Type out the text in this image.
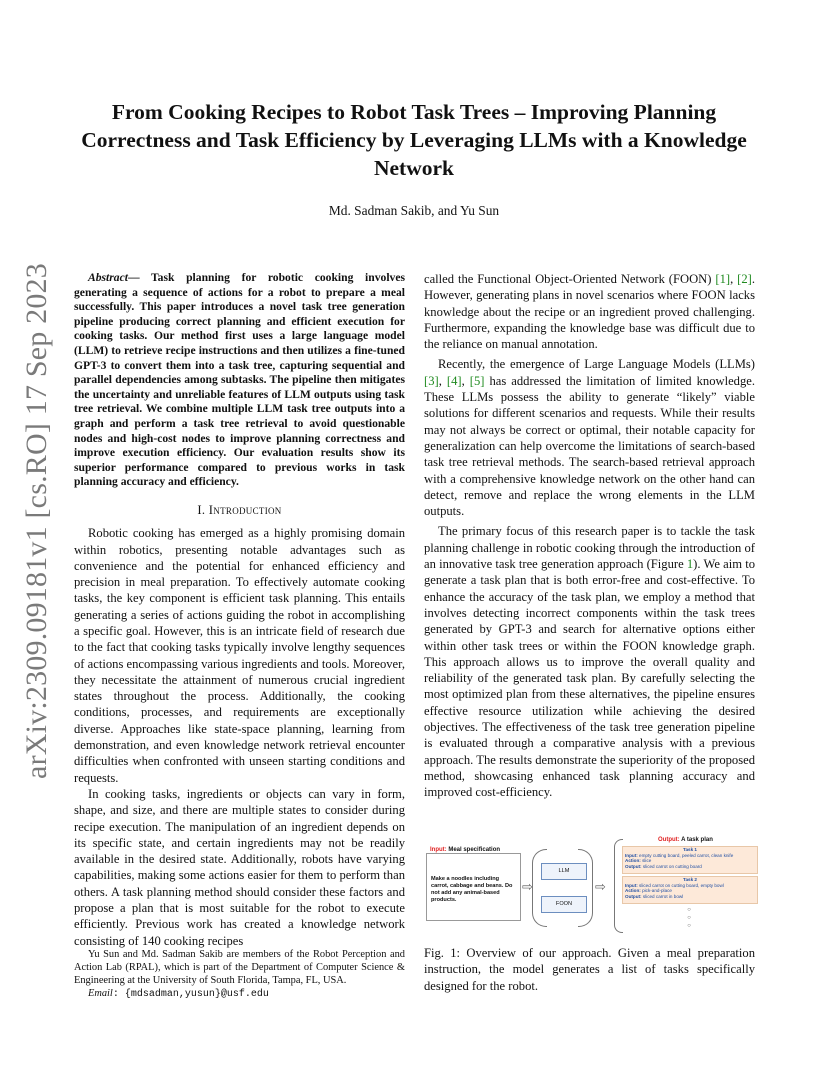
arXiv:2309.09181v1 [cs.RO] 17 Sep 2023
From Cooking Recipes to Robot Task Trees – Improving Planning Correctness and Task Efficiency by Leveraging LLMs with a Knowledge Network

Md. Sadman Sakib, and Yu Sun

Abstract— Task planning for robotic cooking involves generating a sequence of actions for a robot to prepare a meal successfully. This paper introduces a novel task tree generation pipeline producing correct planning and efficient execution for cooking tasks. Our method first uses a large language model (LLM) to retrieve recipe instructions and then utilizes a fine-tuned GPT-3 to convert them into a task tree, capturing sequential and parallel dependencies among subtasks. The pipeline then mitigates the uncertainty and unreliable features of LLM outputs using task tree retrieval. We combine multiple LLM task tree outputs into a graph and perform a task tree retrieval to avoid questionable nodes and high-cost nodes to improve planning correctness and improve execution efficiency. Our evaluation results show its superior performance compared to previous works in task planning accuracy and efficiency.

I. Introduction

Robotic cooking has emerged as a highly promising domain within robotics, presenting notable advantages such as convenience and the potential for enhanced efficiency and precision in meal preparation. To effectively automate cooking tasks, the key component is efficient task planning. This entails generating a series of actions guiding the robot in accomplishing a specific goal. However, this is an intricate field of research due to the fact that cooking tasks typically involve lengthy sequences of actions encompassing various ingredients and tools. Moreover, they necessitate the attainment of numerous crucial ingredient states throughout the process. Additionally, the cooking conditions, processes, and requirements are exceptionally diverse. Approaches like state-space planning, learning from demonstration, and even knowledge network retrieval encounter difficulties when confronted with unseen starting conditions and requests.

In cooking tasks, ingredients or objects can vary in form, shape, and size, and there are multiple states to consider during recipe execution. The manipulation of an ingredient depends on its specific state, and certain ingredients may not be readily available in the desired state. Additionally, robots have varying capabilities, making some actions easier for them to perform than others. A task planning method should consider these factors and propose a plan that is most suitable for the robot to execute efficiently. Previous work has created a knowledge network consisting of 140 cooking recipes

Yu Sun and Md. Sadman Sakib are members of the Robot Perception and Action Lab (RPAL), which is part of the Department of Computer Science & Engineering at the University of South Florida, Tampa, FL, USA.

Email: {mdsadman,yusun}@usf.edu

called the Functional Object-Oriented Network (FOON) [1], [2]. However, generating plans in novel scenarios where FOON lacks knowledge about the recipe or an ingredient proved challenging. Furthermore, expanding the knowledge base was difficult due to the reliance on manual annotation.

Recently, the emergence of Large Language Models (LLMs) [3], [4], [5] has addressed the limitation of limited knowledge. These LLMs possess the ability to generate “likely” viable solutions for different scenarios and requests. While their results may not always be correct or optimal, their notable capacity for generalization can help overcome the limitations of search-based task tree retrieval methods. The search-based retrieval approach with a comprehensive knowledge network on the other hand can detect, remove and replace the wrong elements in the LLM outputs.

The primary focus of this research paper is to tackle the task planning challenge in robotic cooking through the introduction of an innovative task tree generation approach (Figure 1). We aim to generate a task plan that is both error-free and cost-effective. To enhance the accuracy of the task plan, we employ a method that involves detecting incorrect components within the task trees generated by GPT-3 and search for alternative options either within other task trees or within the FOON knowledge graph. This approach allows us to improve the overall quality and reliability of the generated task plan. By carefully selecting the most optimized plan from these alternatives, the pipeline ensures effective resource utilization while achieving the desired objectives. The effectiveness of the task tree generation pipeline is evaluated through a comparative analysis with a previous approach. The results demonstrate the superiority of the proposed method, showcasing enhanced task planning accuracy and improved cost-efficiency.

Input: Meal specification
Make a noodles including carrot, cabbage and beans. Do not add any animal-based products.
⇨
LLM
FOON
⇨
Output: A task plan
Task 1
Input: empty cutting board, peeled carrot, clean knife
Action: slice
Output: sliced carrot on cutting board
Task 2
Input: sliced carrot on cutting board, empty bowl
Action: pick-and-place
Output: sliced carrot in bowl
○
○
○

Fig. 1: Overview of our approach. Given a meal preparation instruction, the model generates a list of tasks specifically designed for the robot.
